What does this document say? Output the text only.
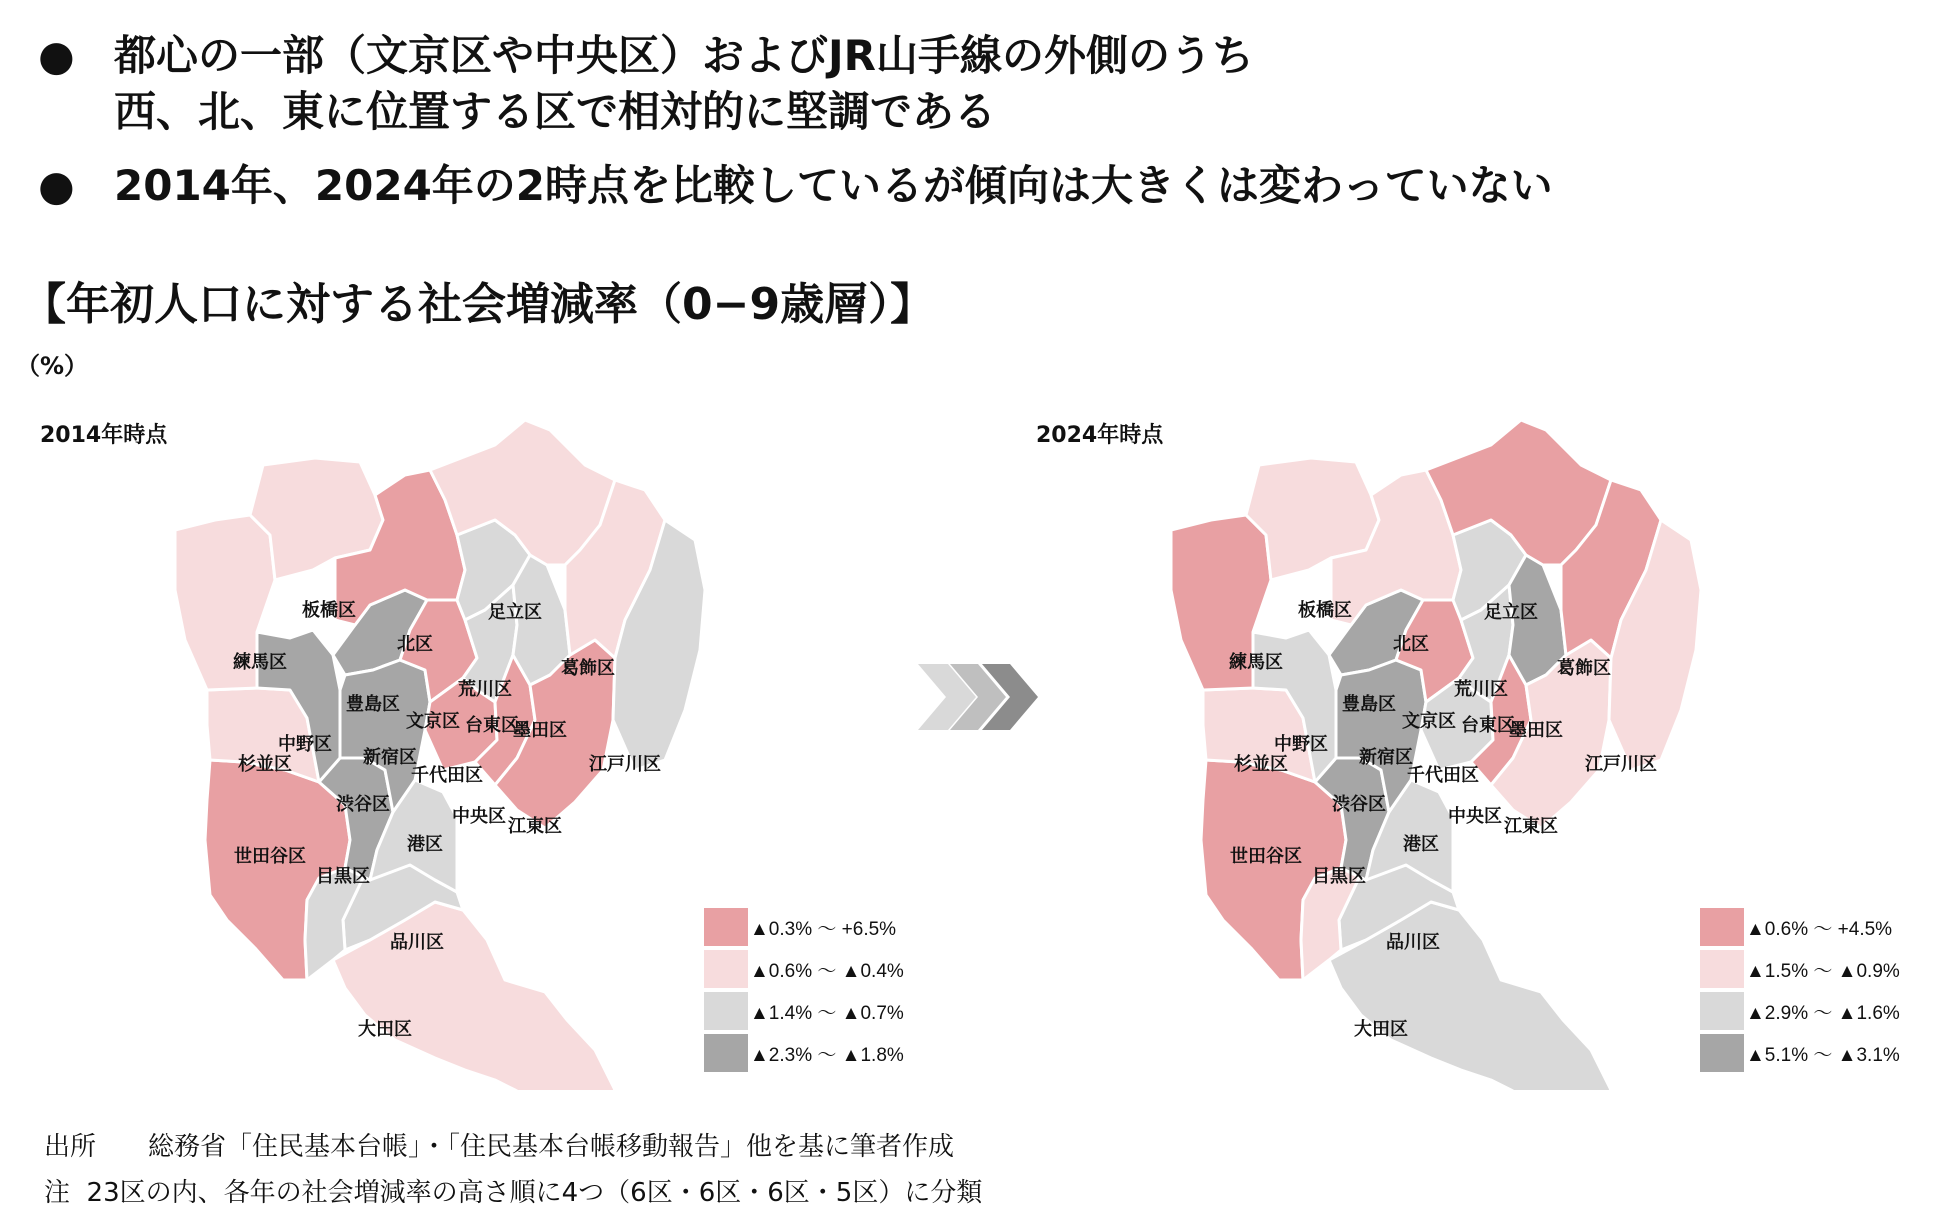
● 都心の一部（文京区や中央区）およびJR山手線の外側のうち
西、北、東に位置する区で相対的に堅調である
● 2014年、2024年の2時点を比較しているが傾向は大きくは変わっていない
【年初人口に対する社会増減率（0−9歳層）】
（%）
2014年時点	2024年時点
大田区
品川区
世田谷区
目黒区
渋谷区
港区
杉並区
中野区
練馬区
板橋区
豊島区
新宿区
北区
文京区
千代田区
荒川区
台東区
中央区
墨田区
江東区
足立区
葛飾区
江戸川区
大田区
品川区
世田谷区
目黒区
渋谷区
港区
杉並区
中野区
練馬区
板橋区
豊島区
新宿区
北区
文京区
千代田区
荒川区
台東区
中央区
墨田区
江東区
足立区
葛飾区
江戸川区
▲0.3% 〜 +6.5%
▲0.6% 〜 ▲0.4%
▲1.4% 〜 ▲0.7%
▲2.3% 〜 ▲1.8%
▲0.6% 〜 +4.5%
▲1.5% 〜 ▲0.9%
▲2.9% 〜 ▲1.6%
▲5.1% 〜 ▲3.1%
出所 総務省「住民基本台帳」・「住民基本台帳移動報告」他を基に筆者作成
注 23区の内、各年の社会増減率の高さ順に4つ（6区・6区・6区・5区）に分類
